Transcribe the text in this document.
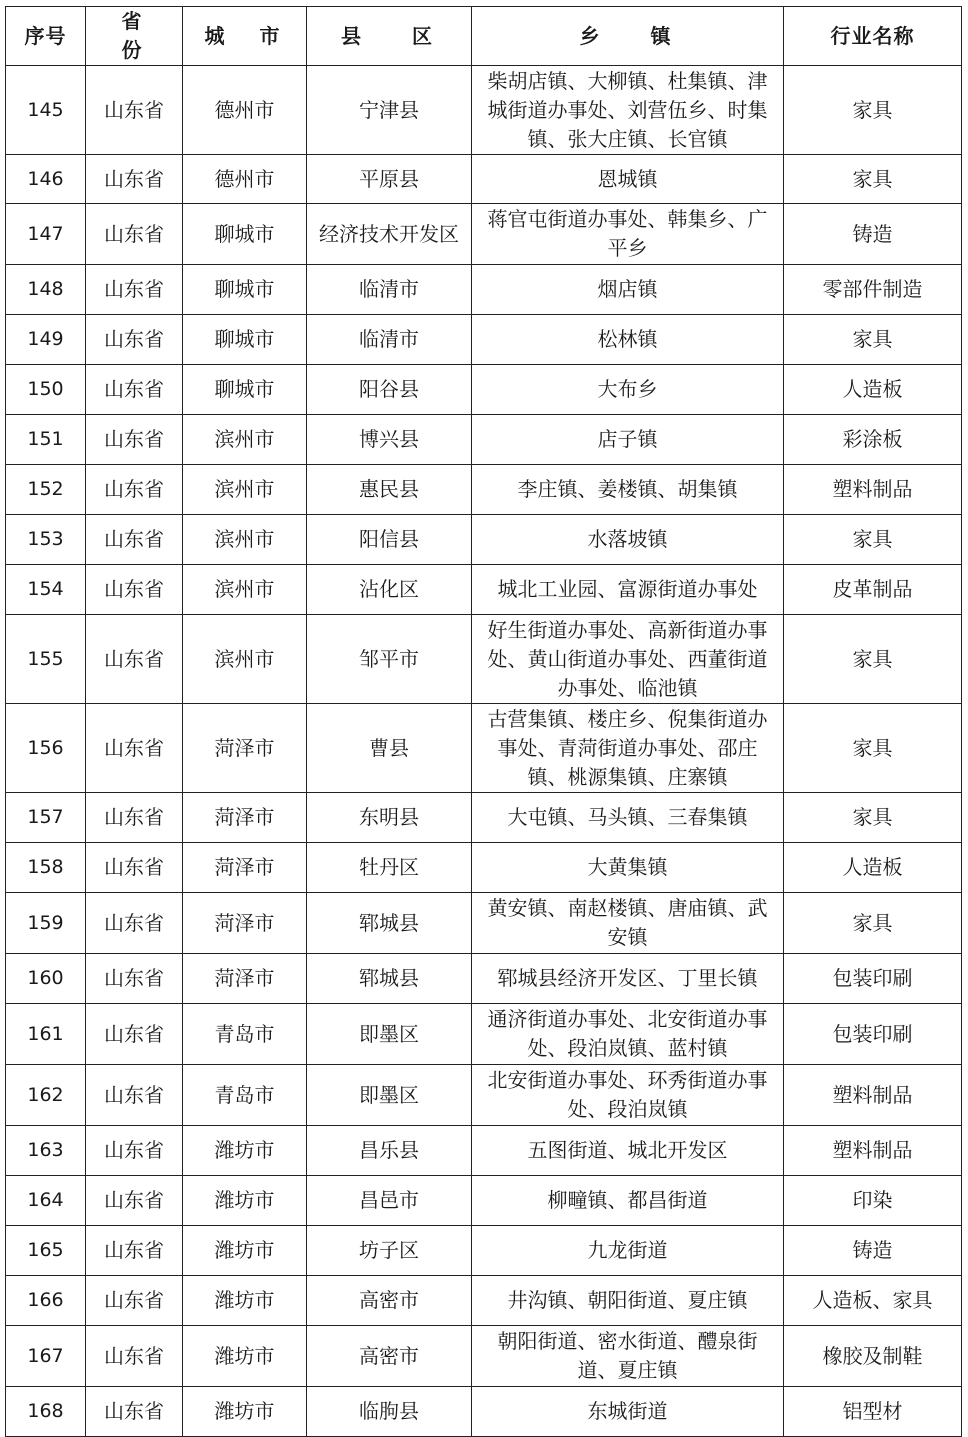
序号	省 份	城 市	县 区	乡 镇	行业名称
145	山东省	德州市	宁津县	柴胡店镇、大柳镇、杜集镇、津城街道办事处、刘营伍乡、时集镇、张大庄镇、长官镇	家具
146	山东省	德州市	平原县	恩城镇	家具
147	山东省	聊城市	经济技术开发区	蒋官屯街道办事处、韩集乡、广平乡	铸造
148	山东省	聊城市	临清市	烟店镇	零部件制造
149	山东省	聊城市	临清市	松林镇	家具
150	山东省	聊城市	阳谷县	大布乡	人造板
151	山东省	滨州市	博兴县	店子镇	彩涂板
152	山东省	滨州市	惠民县	李庄镇、姜楼镇、胡集镇	塑料制品
153	山东省	滨州市	阳信县	水落坡镇	家具
154	山东省	滨州市	沾化区	城北工业园、富源街道办事处	皮革制品
155	山东省	滨州市	邹平市	好生街道办事处、高新街道办事处、黄山街道办事处、西董街道办事处、临池镇	家具
156	山东省	菏泽市	曹县	古营集镇、楼庄乡、倪集街道办事处、青菏街道办事处、邵庄镇、桃源集镇、庄寨镇	家具
157	山东省	菏泽市	东明县	大屯镇、马头镇、三春集镇	家具
158	山东省	菏泽市	牡丹区	大黄集镇	人造板
159	山东省	菏泽市	郓城县	黄安镇、南赵楼镇、唐庙镇、武安镇	家具
160	山东省	菏泽市	郓城县	郓城县经济开发区、丁里长镇	包装印刷
161	山东省	青岛市	即墨区	通济街道办事处、北安街道办事处、段泊岚镇、蓝村镇	包装印刷
162	山东省	青岛市	即墨区	北安街道办事处、环秀街道办事处、段泊岚镇	塑料制品
163	山东省	潍坊市	昌乐县	五图街道、城北开发区	塑料制品
164	山东省	潍坊市	昌邑市	柳疃镇、都昌街道	印染
165	山东省	潍坊市	坊子区	九龙街道	铸造
166	山东省	潍坊市	高密市	井沟镇、朝阳街道、夏庄镇	人造板、家具
167	山东省	潍坊市	高密市	朝阳街道、密水街道、醴泉街道、夏庄镇	橡胶及制鞋
168	山东省	潍坊市	临朐县	东城街道	铝型材
